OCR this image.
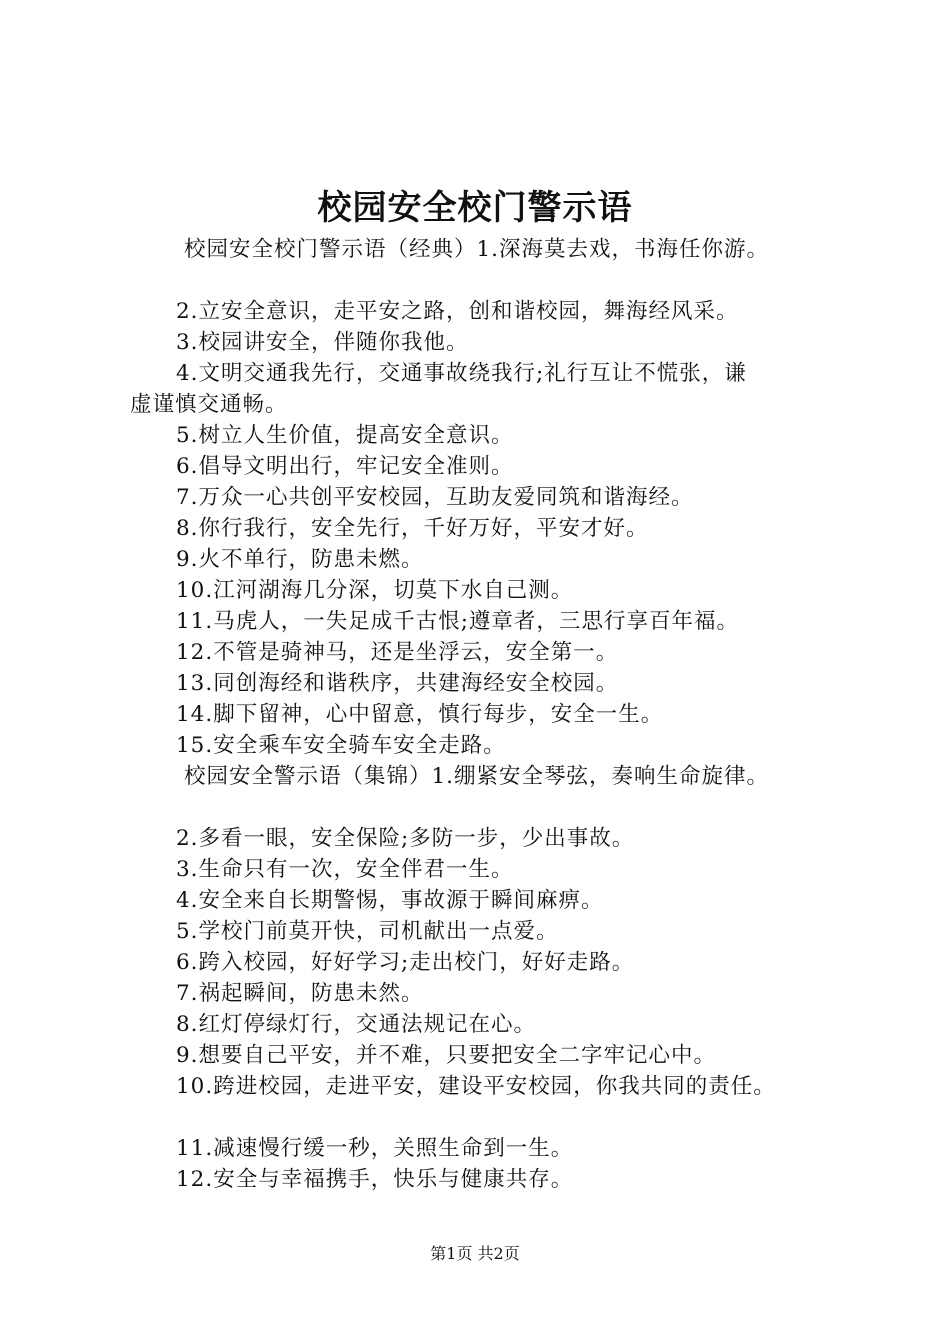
校园安全校门警示语
校园安全校门警示语（经典）1.深海莫去戏，书海任你游。
2.立安全意识，走平安之路，创和谐校园，舞海经风采。
3.校园讲安全，伴随你我他。
4.文明交通我先行，交通事故绕我行;礼行互让不慌张，谦
虚谨慎交通畅。
5.树立人生价值，提高安全意识。
6.倡导文明出行，牢记安全准则。
7.万众一心共创平安校园，互助友爱同筑和谐海经。
8.你行我行，安全先行，千好万好，平安才好。
9.火不单行，防患未燃。
10.江河湖海几分深，切莫下水自己测。
11.马虎人，一失足成千古恨;遵章者，三思行享百年福。
12.不管是骑神马，还是坐浮云，安全第一。
13.同创海经和谐秩序，共建海经安全校园。
14.脚下留神，心中留意，慎行每步，安全一生。
15.安全乘车安全骑车安全走路。
校园安全警示语（集锦）1.绷紧安全琴弦，奏响生命旋律。
2.多看一眼，安全保险;多防一步，少出事故。
3.生命只有一次，安全伴君一生。
4.安全来自长期警惕，事故源于瞬间麻痹。
5.学校门前莫开快，司机献出一点爱。
6.跨入校园，好好学习;走出校门，好好走路。
7.祸起瞬间，防患未然。
8.红灯停绿灯行，交通法规记在心。
9.想要自己平安，并不难，只要把安全二字牢记心中。
10.跨进校园，走进平安，建设平安校园，你我共同的责任。
11.减速慢行缓一秒，关照生命到一生。
12.安全与幸福携手，快乐与健康共存。
第1页 共2页
